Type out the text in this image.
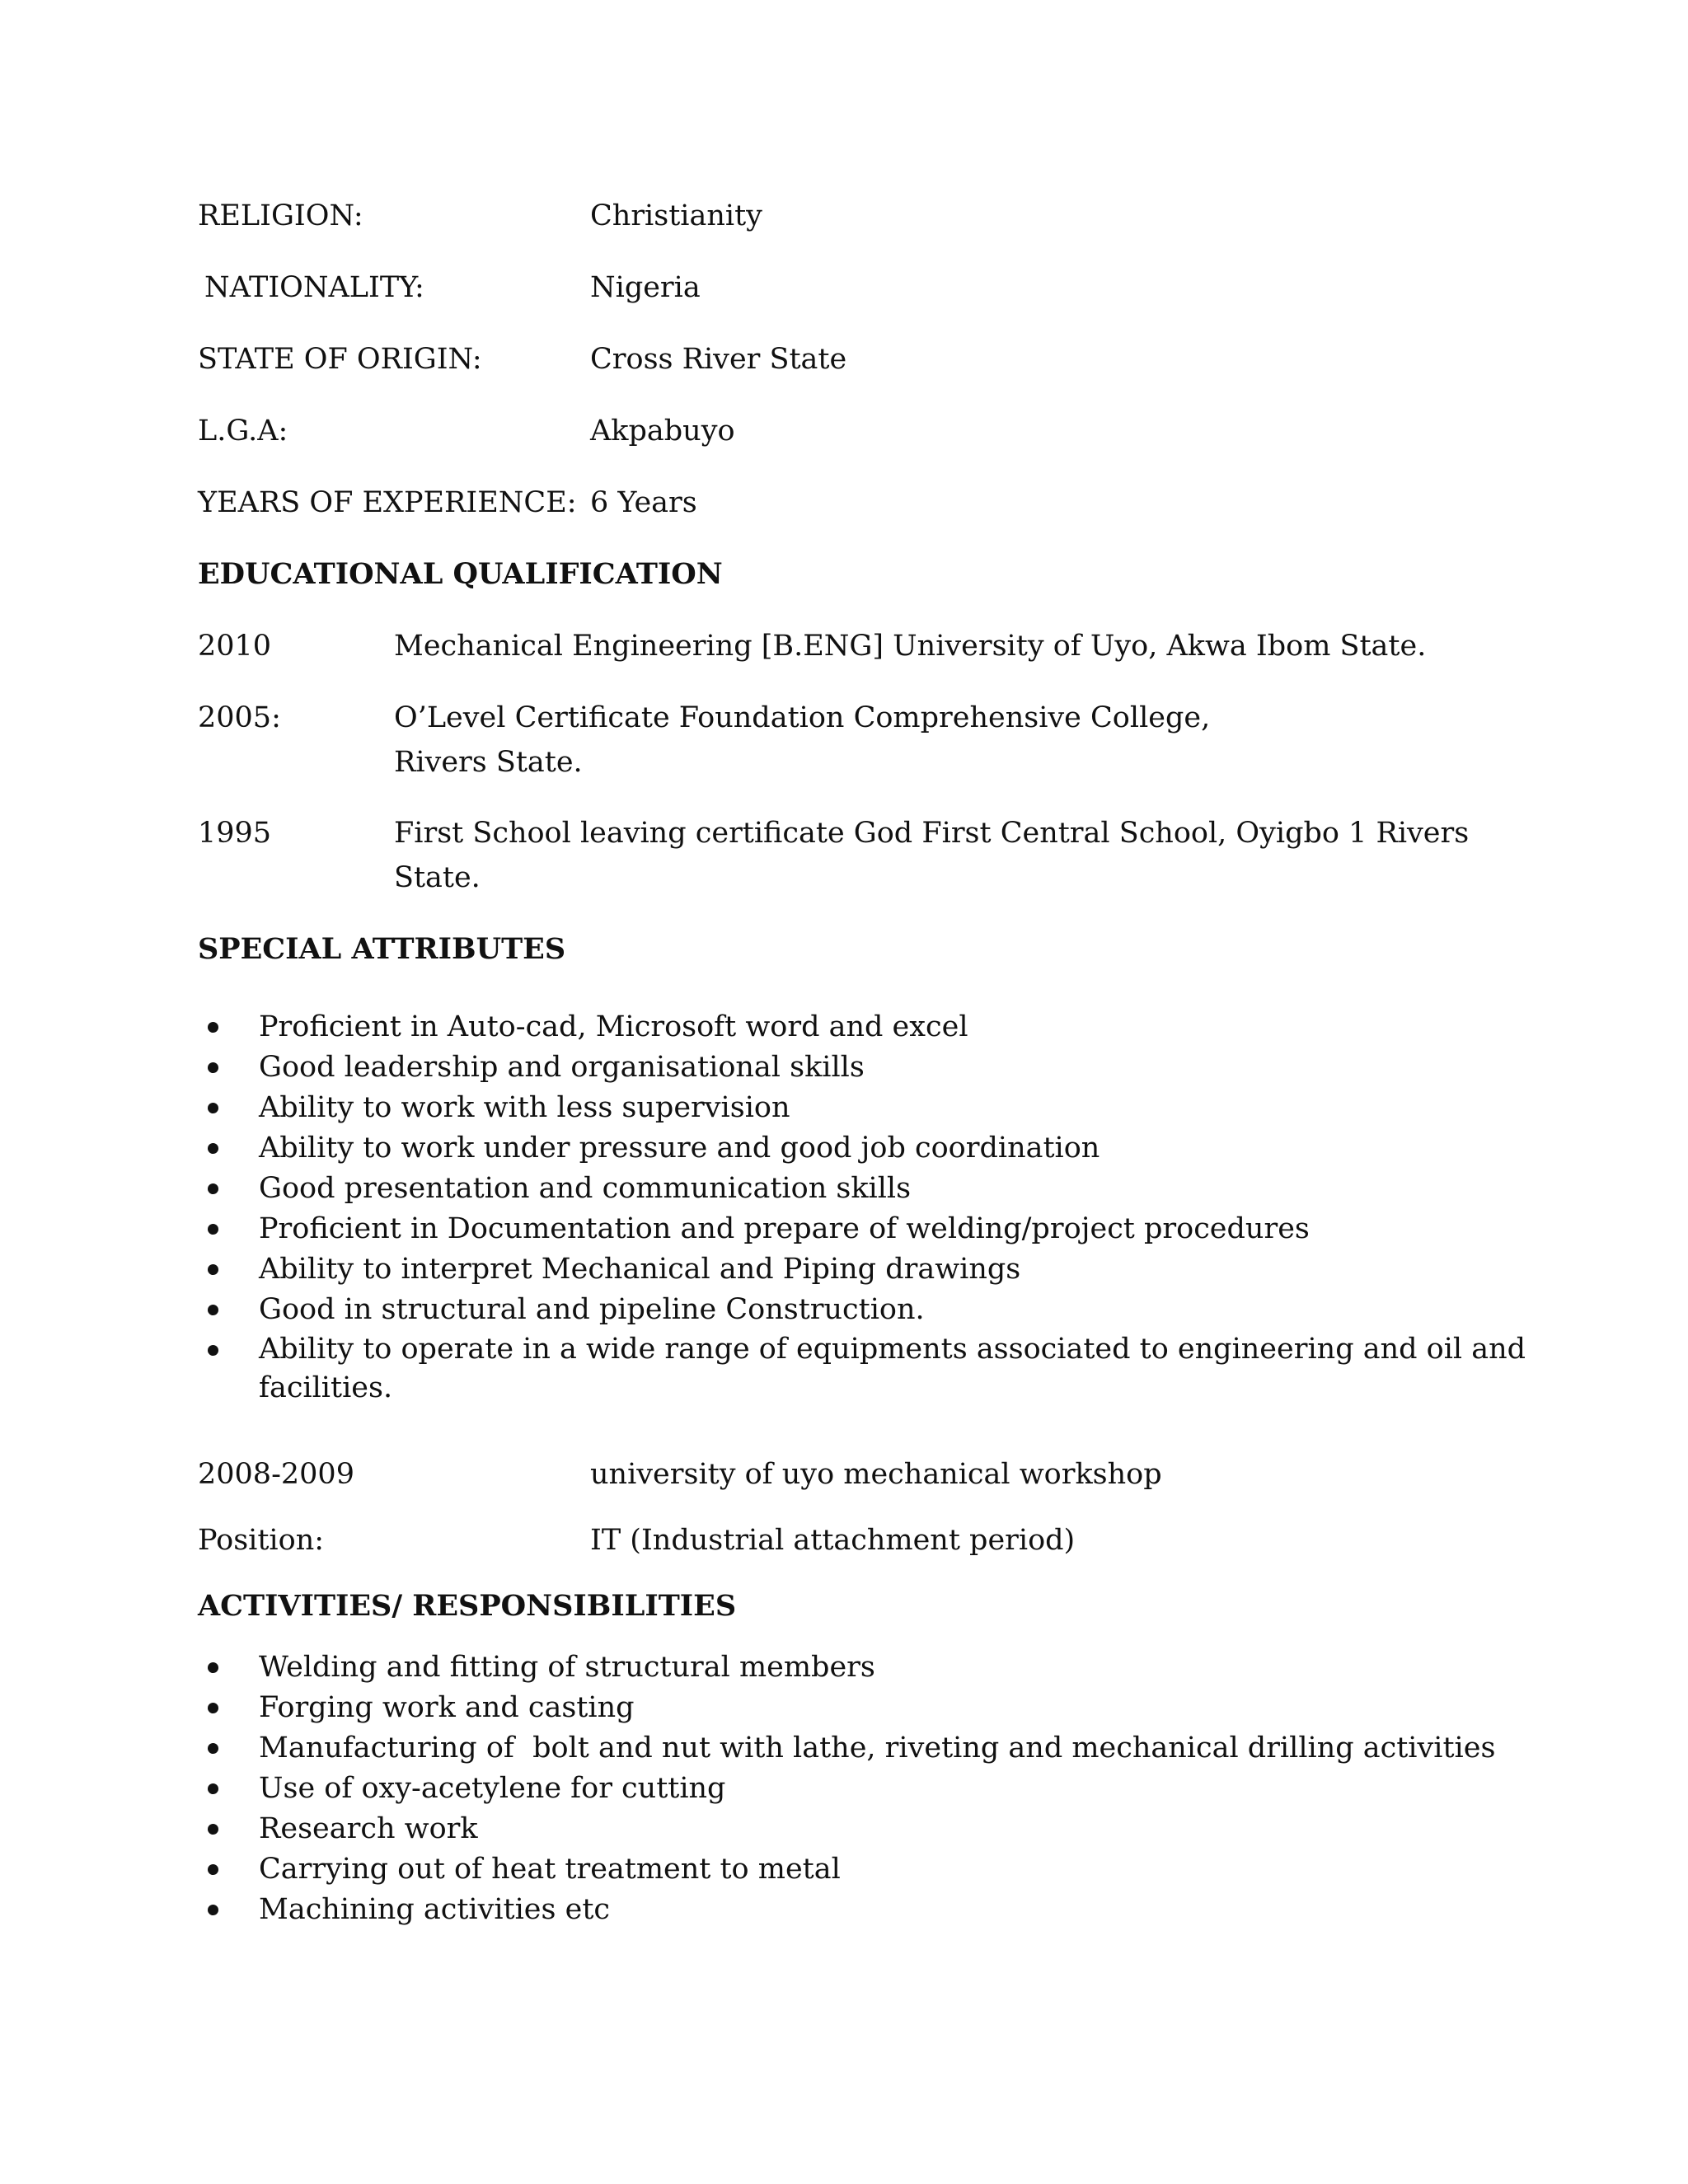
RELIGION:	Christianity
NATIONALITY:	Nigeria
STATE OF ORIGIN:	Cross River State
L.G.A:	Akpabuyo
YEARS OF EXPERIENCE: 6 Years
EDUCATIONAL QUALIFICATION
2010	Mechanical Engineering [B.ENG] University of Uyo, Akwa Ibom State.
2005:	O’Level Certificate Foundation Comprehensive College,
Rivers State.
1995	First School leaving certificate God First Central School, Oyigbo 1 Rivers
State.
SPECIAL ATTRIBUTES
Proficient in Auto-cad, Microsoft word and excel
Good leadership and organisational skills
Ability to work with less supervision
Ability to work under pressure and good job coordination
Good presentation and communication skills
Proficient in Documentation and prepare of welding/project procedures
Ability to interpret Mechanical and Piping drawings
Good in structural and pipeline Construction.
Ability to operate in a wide range of equipments associated to engineering and oil and
facilities.
2008-2009	university of uyo mechanical workshop
Position:	IT (Industrial attachment period)
ACTIVITIES/ RESPONSIBILITIES
Welding and fitting of structural members
Forging work and casting
Manufacturing of  bolt and nut with lathe, riveting and mechanical drilling activities
Use of oxy-acetylene for cutting
Research work
Carrying out of heat treatment to metal
Machining activities etc
